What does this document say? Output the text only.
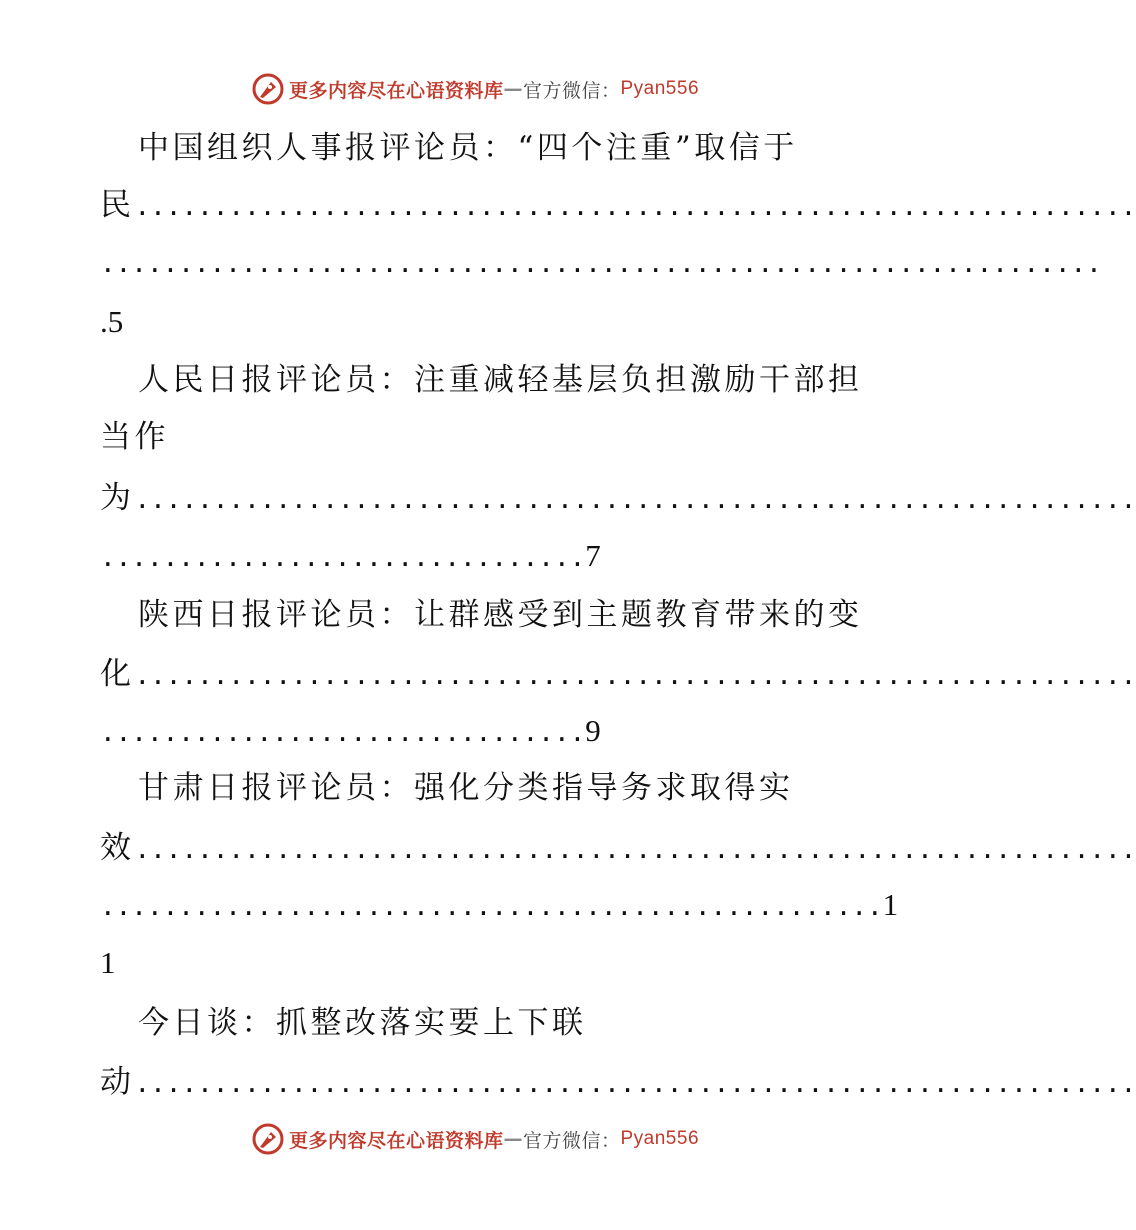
更多内容尽在心语资料库 — 官方微信： Pyan556
中国组织人事报评论员：“四个注重”取信于
民................................................................
................................................................
.5
人民日报评论员：注重减轻基层负担激励干部担
当作
为................................................................
...............................7
陕西日报评论员：让群感受到主题教育带来的变
化................................................................
...............................9
甘肃日报评论员：强化分类指导务求取得实
效................................................................
..................................................1
1
今日谈：抓整改落实要上下联
动................................................................
更多内容尽在心语资料库 — 官方微信： Pyan556
